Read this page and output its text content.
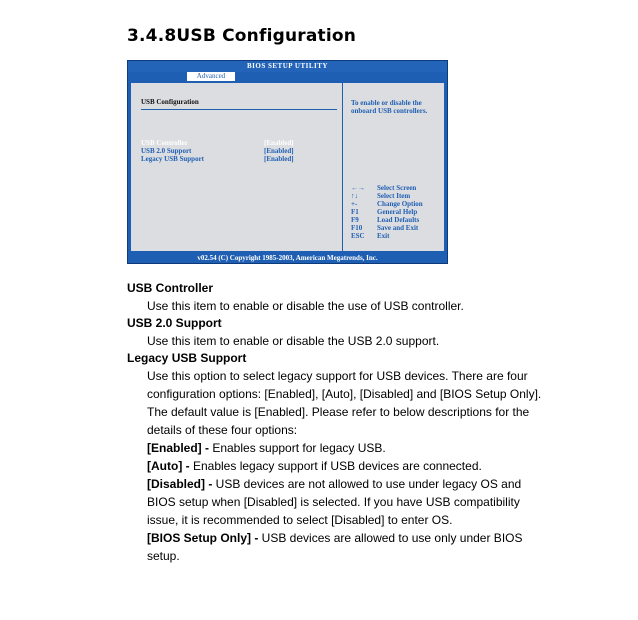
3.4.8USB Configuration
BIOS SETUP UTILITY
Advanced
USB Configuration
USB Controller	[Enabled]
USB 2.0 Support	[Enabled]
Legacy USB Support	[Enabled]
To enable or disable the onboard USB controllers.
←→ Select Screen
↑↓	Select Item
+-	Change Option
F1	General Help
F9	Load Defaults
F10 Save and Exit
ESC Exit
v02.54 (C) Copyright 1985-2003, American Megatrends, Inc.
USB Controller

Use this item to enable or disable the use of USB controller.

USB 2.0 Support

Use this item to enable or disable the USB 2.0 support.

Legacy USB Support

Use this option to select legacy support for USB devices. There are four configuration options: [Enabled], [Auto], [Disabled] and [BIOS Setup Only]. The default value is [Enabled]. Please refer to below descriptions for the details of these four options:

[Enabled] - Enables support for legacy USB.

[Auto] - Enables legacy support if USB devices are connected.

[Disabled] - USB devices are not allowed to use under legacy OS and BIOS setup when [Disabled] is selected. If you have USB compatibility issue, it is recommended to select [Disabled] to enter OS.

[BIOS Setup Only] - USB devices are allowed to use only under BIOS setup.
